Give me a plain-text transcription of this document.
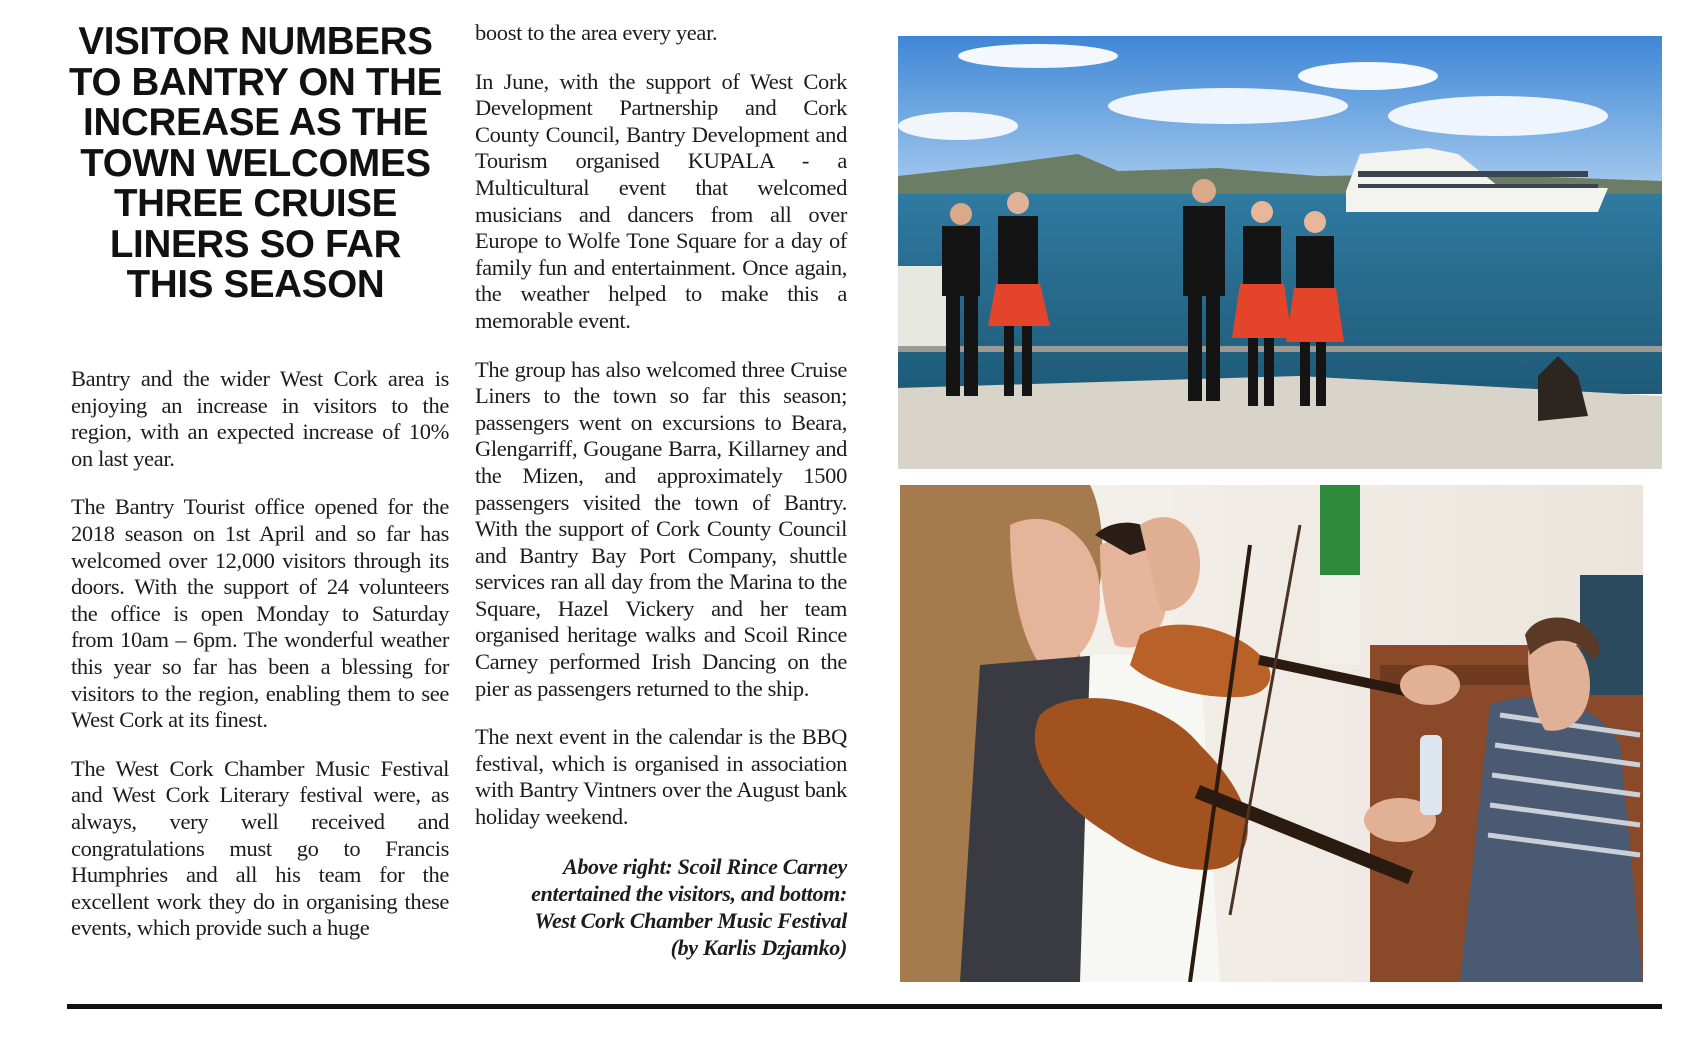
VISITOR NUMBERS TO BANTRY ON THE INCREASE AS THE TOWN WELCOMES THREE CRUISE LINERS SO FAR THIS SEASON

Bantry and the wider West Cork area is enjoying an increase in visitors to the region, with an expected increase of 10% on last year.

The Bantry Tourist office opened for the 2018 season on 1st April and so far has welcomed over 12,000 visitors through its doors. With the support of 24 volunteers the office is open Monday to Saturday from 10am – 6pm. The wonderful weather this year so far has been a blessing for visitors to the region, enabling them to see West Cork at its finest.

The West Cork Chamber Music Festival and West Cork Literary festival were, as always, very well received and congratulations must go to Francis Humphries and all his team for the excellent work they do in organising these events, which provide such a huge

boost to the area every year.

In June, with the support of West Cork Development Partnership and Cork County Council, Bantry Development and Tourism organised KUPALA - a Multicultural event that welcomed musicians and dancers from all over Europe to Wolfe Tone Square for a day of family fun and entertainment. Once again, the weather helped to make this a memorable event.

The group has also welcomed three Cruise Liners to the town so far this season; passengers went on excursions to Beara, Glengarriff, Gougane Barra, Killarney and the Mizen, and approximately 1500 passengers visited the town of Bantry. With the support of Cork County Council and Bantry Bay Port Company, shuttle services ran all day from the Marina to the Square, Hazel Vickery and her team organised heritage walks and Scoil Rince Carney performed Irish Dancing on the pier as passengers returned to the ship.

The next event in the calendar is the BBQ festival, which is organised in association with Bantry Vintners over the August bank holiday weekend.

Above right: Scoil Rince Carney
entertained the visitors, and bottom:
West Cork Chamber Music Festival
(by Karlis Dzjamko)
